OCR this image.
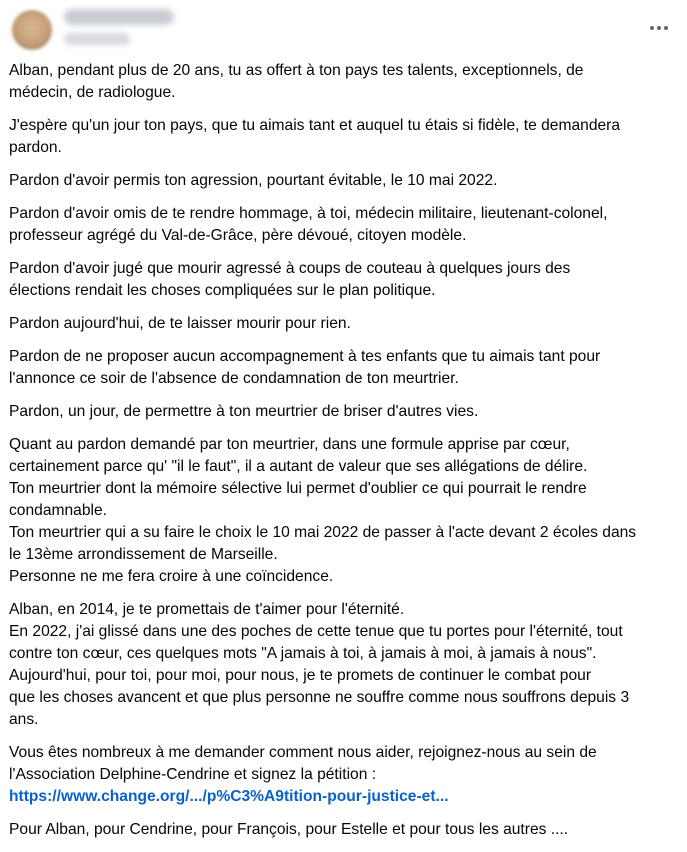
Alban, pendant plus de 20 ans, tu as offert à ton pays tes talents, exceptionnels, de
médecin, de radiologue.

J'espère qu'un jour ton pays, que tu aimais tant et auquel tu étais si fidèle, te demandera
pardon.

Pardon d'avoir permis ton agression, pourtant évitable, le 10 mai 2022.

Pardon d'avoir omis de te rendre hommage, à toi, médecin militaire, lieutenant-colonel,
professeur agrégé du Val-de-Grâce, père dévoué, citoyen modèle.

Pardon d'avoir jugé que mourir agressé à coups de couteau à quelques jours des
élections rendait les choses compliquées sur le plan politique.

Pardon aujourd'hui, de te laisser mourir pour rien.

Pardon de ne proposer aucun accompagnement à tes enfants que tu aimais tant pour
l'annonce ce soir de l'absence de condamnation de ton meurtrier.

Pardon, un jour, de permettre à ton meurtrier de briser d'autres vies.

Quant au pardon demandé par ton meurtrier, dans une formule apprise par cœur,
certainement parce qu' "il le faut", il a autant de valeur que ses allégations de délire.
Ton meurtrier dont la mémoire sélective lui permet d'oublier ce qui pourrait le rendre
condamnable.
Ton meurtrier qui a su faire le choix le 10 mai 2022 de passer à l'acte devant 2 écoles dans
le 13ème arrondissement de Marseille.
Personne ne me fera croire à une coïncidence.

Alban, en 2014, je te promettais de t'aimer pour l'éternité.
En 2022, j'ai glissé dans une des poches de cette tenue que tu portes pour l'éternité, tout
contre ton cœur, ces quelques mots "A jamais à toi, à jamais à moi, à jamais à nous".
Aujourd'hui, pour toi, pour moi, pour nous, je te promets de continuer le combat pour
que les choses avancent et que plus personne ne souffre comme nous souffrons depuis 3
ans.

Vous êtes nombreux à me demander comment nous aider, rejoignez-nous au sein de
l'Association Delphine-Cendrine et signez la pétition :
https://www.change.org/.../p%C3%A9tition-pour-justice-et...

Pour Alban, pour Cendrine, pour François, pour Estelle et pour tous les autres ....
